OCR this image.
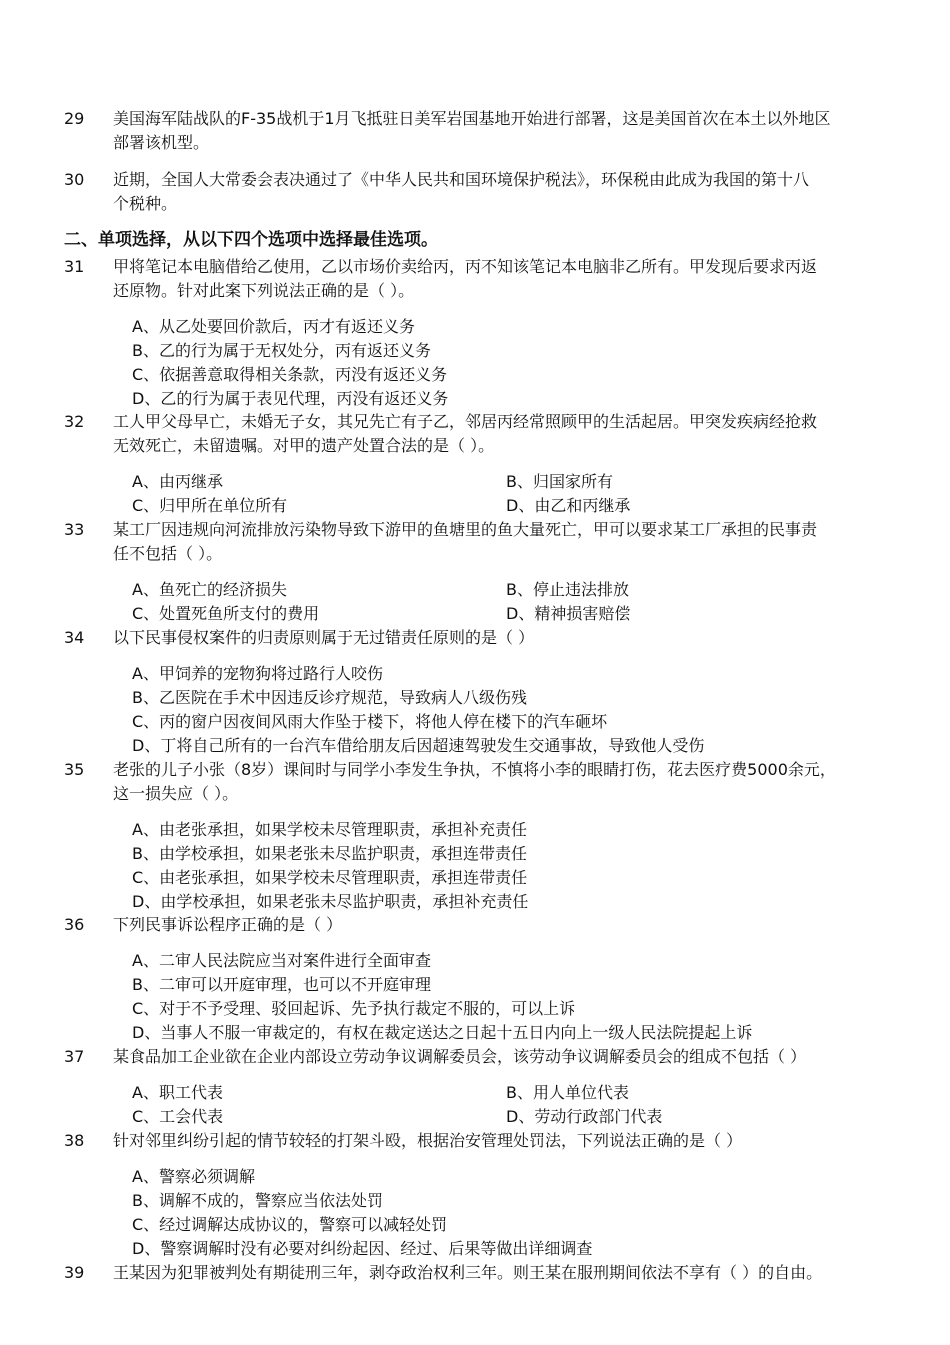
29	美国海军陆战队的F-35战机于1月飞抵驻日美军岩国基地开始进行部署，这是美国首次在本土以外地区
部署该机型。
30	近期，全国人大常委会表决通过了《中华人民共和国环境保护税法》，环保税由此成为我国的第十八
个税种。
二、单项选择，从以下四个选项中选择最佳选项。
31	甲将笔记本电脑借给乙使用，乙以市场价卖给丙，丙不知该笔记本电脑非乙所有。甲发现后要求丙返
还原物。针对此案下列说法正确的是（ ）。
A、从乙处要回价款后，丙才有返还义务
B、乙的行为属于无权处分，丙有返还义务
C、依据善意取得相关条款，丙没有返还义务
D、乙的行为属于表见代理，丙没有返还义务
32	工人甲父母早亡，未婚无子女，其兄先亡有子乙，邻居丙经常照顾甲的生活起居。甲突发疾病经抢救
无效死亡，未留遗嘱。对甲的遗产处置合法的是（ ）。
A、由丙继承	B、归国家所有
C、归甲所在单位所有	D、由乙和丙继承
33	某工厂因违规向河流排放污染物导致下游甲的鱼塘里的鱼大量死亡，甲可以要求某工厂承担的民事责
任不包括（ ）。
A、鱼死亡的经济损失	B、停止违法排放
C、处置死鱼所支付的费用	D、精神损害赔偿
34	以下民事侵权案件的归责原则属于无过错责任原则的是（ ）
A、甲饲养的宠物狗将过路行人咬伤
B、乙医院在手术中因违反诊疗规范，导致病人八级伤残
C、丙的窗户因夜间风雨大作坠于楼下，将他人停在楼下的汽车砸坏
D、丁将自己所有的一台汽车借给朋友后因超速驾驶发生交通事故，导致他人受伤
35	老张的儿子小张（8岁）课间时与同学小李发生争执，不慎将小李的眼睛打伤，花去医疗费5000余元，
这一损失应（ ）。
A、由老张承担，如果学校未尽管理职责，承担补充责任
B、由学校承担，如果老张未尽监护职责，承担连带责任
C、由老张承担，如果学校未尽管理职责，承担连带责任
D、由学校承担，如果老张未尽监护职责，承担补充责任
36	下列民事诉讼程序正确的是（ ）
A、二审人民法院应当对案件进行全面审查
B、二审可以开庭审理，也可以不开庭审理
C、对于不予受理、驳回起诉、先予执行裁定不服的，可以上诉
D、当事人不服一审裁定的，有权在裁定送达之日起十五日内向上一级人民法院提起上诉
37	某食品加工企业欲在企业内部设立劳动争议调解委员会，该劳动争议调解委员会的组成不包括（ ）
A、职工代表	B、用人单位代表
C、工会代表	D、劳动行政部门代表
38	针对邻里纠纷引起的情节较轻的打架斗殴，根据治安管理处罚法，下列说法正确的是（ ）
A、警察必须调解
B、调解不成的，警察应当依法处罚
C、经过调解达成协议的，警察可以减轻处罚
D、警察调解时没有必要对纠纷起因、经过、后果等做出详细调查
39	王某因为犯罪被判处有期徒刑三年，剥夺政治权利三年。则王某在服刑期间依法不享有（ ）的自由。
